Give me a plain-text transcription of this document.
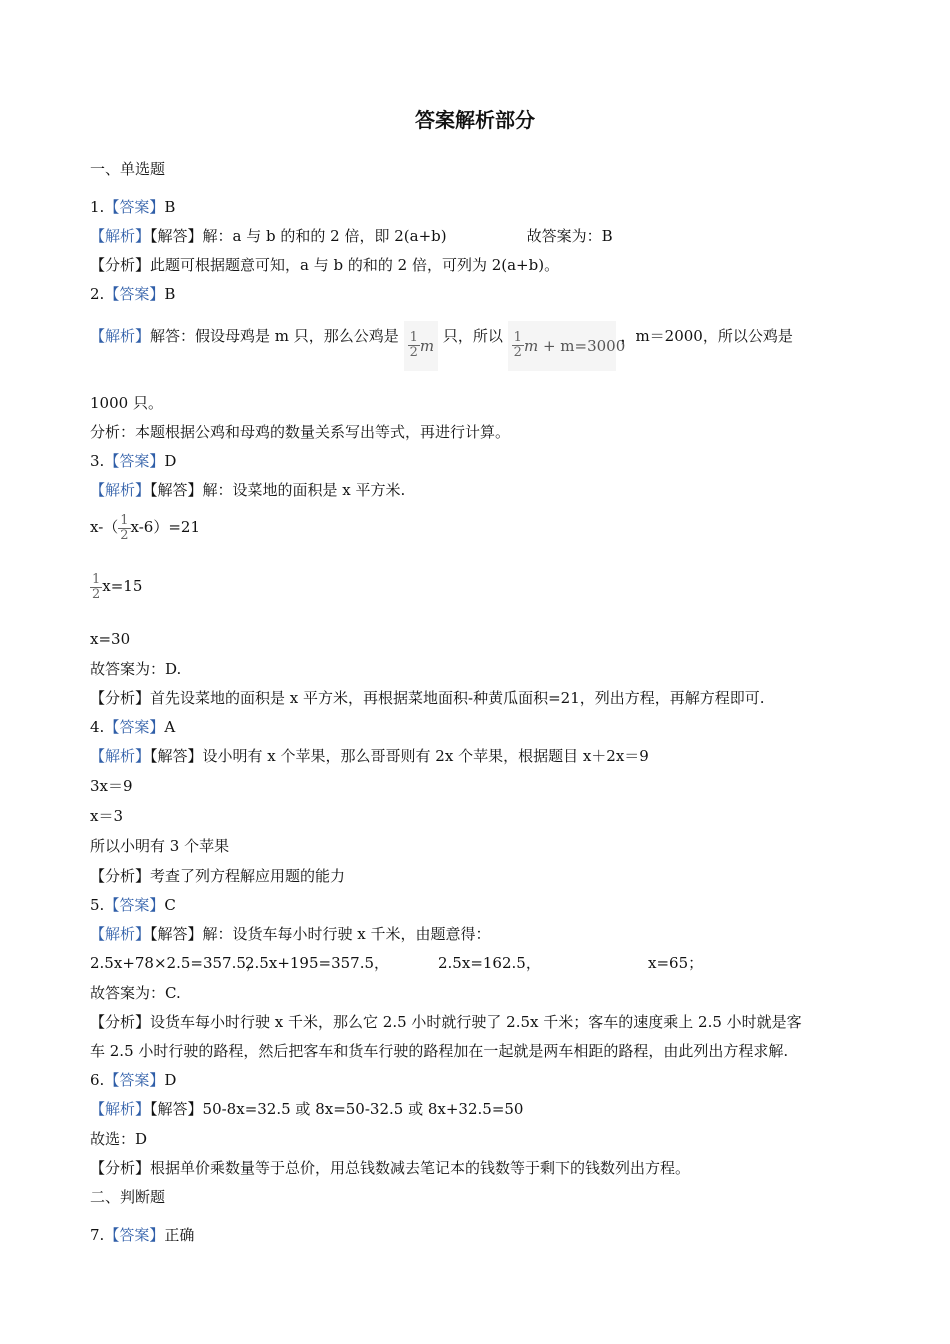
答案解析部分
一、单选题
1.【答案】B
【解析】【解答】解：a 与 b 的和的 2 倍，即 2(a+b)	故答案为：B
【分析】此题可根据题意可知，a 与 b 的和的 2 倍，可列为 2(a+b)。
2.【答案】B
【解析】解答：假设母鸡是 m 只，那么公鸡是 $\frac{1}{2}$ m
只，所以 $\frac{1}{2}$ m
+ m=3000
，m＝2000，所以公鸡是
1000 只。
分析：本题根据公鸡和母鸡的数量关系写出等式，再进行计算。
3.【答案】D
【解析】【解答】解：设菜地的面积是 x 平方米.
$x-( \frac{1}{2} x-6)=21$
$\frac{1}{2} x=15$
x=30
故答案为：D.
【分析】首先设菜地的面积是 x 平方米，再根据菜地面积-种黄瓜面积=21，列出方程，再解方程即可.
4.【答案】A
【解析】【解答】设小明有 x 个苹果，那么哥哥则有 2x 个苹果，根据题目 x＋2x＝9
3x＝9
x＝3
所以小明有 3 个苹果
【分析】考查了列方程解应用题的能力
5.【答案】C
【解析】【解答】解：设货车每小时行驶 x 千米，由题意得：
2.5x+78×2.5=357.5，
2.5x+195=357.5，	2.5x=162.5，	x=65；
故答案为：C.
【分析】设货车每小时行驶 x 千米，那么它 2.5 小时就行驶了 2.5x 千米；客车的速度乘上 2.5 小时就是客
车 2.5 小时行驶的路程，然后把客车和货车行驶的路程加在一起就是两车相距的路程，由此列出方程求解.
6.【答案】D
【解析】【解答】50-8x=32.5 或 8x=50-32.5 或 8x+32.5=50
故选：D
【分析】根据单价乘数量等于总价，用总钱数减去笔记本的钱数等于剩下的钱数列出方程。
二、判断题
7.【答案】正确
